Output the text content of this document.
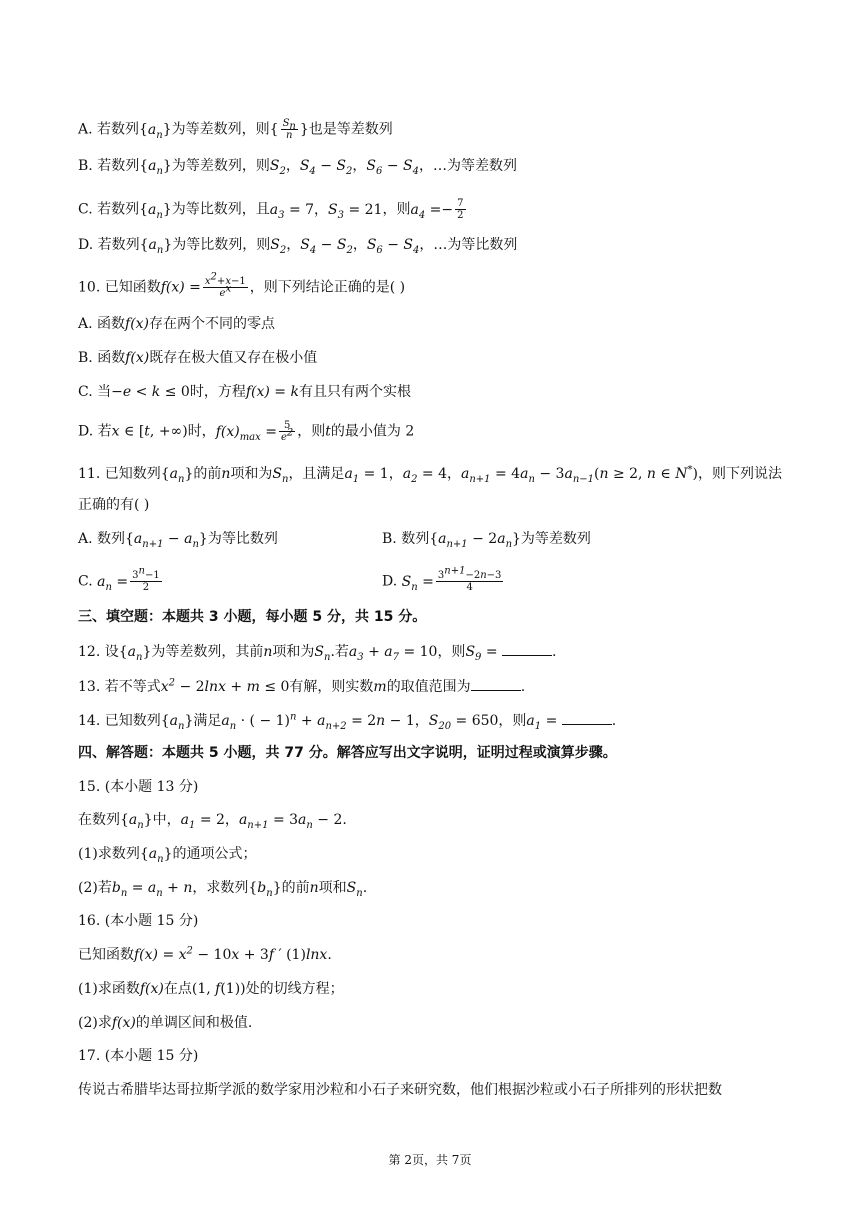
A. 若数列$\{a_n\}$为等差数列，则{ $\frac{S_n}{n}$ }也是等差数列
B. 若数列$\{a_n\}$为等差数列，则$S_2$，$S_4 - S_2$，$S_6 - S_4$，…为等差数列
C. 若数列$\{a_n\}$为等比数列，且$a_3 = 7$，$S_3 = 21$，则$a_4 =- \frac{7}{2}$
D. 若数列$\{a_n\}$为等比数列，则$S_2$，$S_4 - S_2$，$S_6 - S_4$，…为等比数列
10. 已知函数$f(x) = \frac{x^2+x-1}{e^x}$ ，则下列结论正确的是( )
A. 函数f(x)存在两个不同的零点
B. 函数f(x)既存在极大值又存在极小值
C. 当−e < k ≤ 0时，方程f(x) = k有且只有两个实根
D. 若x ∈ [t, +∞)时，$f(x)_{max} = \frac{5}{e^2}$ ，则t的最小值为 2
11. 已知数列$\{a_n\}$的前n项和为$S_n$，且满足$a_1 = 1$，$a_2 = 4$，$a_{n+1} = 4a_n - 3a_{n-1}(n \ge 2$, n ∈ N*)，则下列说法
正确的有( )
A. 数列$\{a_{n+1} - a_n\}$为等比数列	B. 数列$\{a_{n+1} - 2a_n\}$为等差数列
C. $a_n = \frac{3^n-1}{2}$	D. $S_n = \frac{3^{n+1}-2n-3}{4}$
三、填空题：本题共 3 小题，每小题 5 分，共 15 分。
12. 设$\{a_n\}$为等差数列，其前n项和为$S_n$.若$a_3 + a_7 = 10$，则$S_9$ =	.
13. 若不等式$x^2 - 2\ln x + m \le 0$有解，则实数m的取值范围为	.
14. 已知数列$\{a_n\}$满足$a_n$ · ( − $1)^n + a_{n+2} = 2n - 1$，$S_{20} = 650$，则$a_1$ =	.
四、解答题：本题共 5 小题，共 77 分。解答应写出文字说明，证明过程或演算步骤。
15. (本小题 13 分)
在数列$\{a_n\}$中，$a_1 = 2$，$a_{n+1} = 3a_n - 2$.
(1)求数列$\{a_n\}$的通项公式；
(2)若$b_n = a_n + n$，求数列$\{b_n\}$的前n项和$S_n$.
16. (本小题 15 分)
已知函数$f(x) = x^2 - 10x + 3f$ ′ (1)lnx.
(1)求函数f(x)在点(1, f(1))处的切线方程；
(2)求f(x)的单调区间和极值.
17. (本小题 15 分)
传说古希腊毕达哥拉斯学派的数学家用沙粒和小石子来研究数，他们根据沙粒或小石子所排列的形状把数
第 2页，共 7页
